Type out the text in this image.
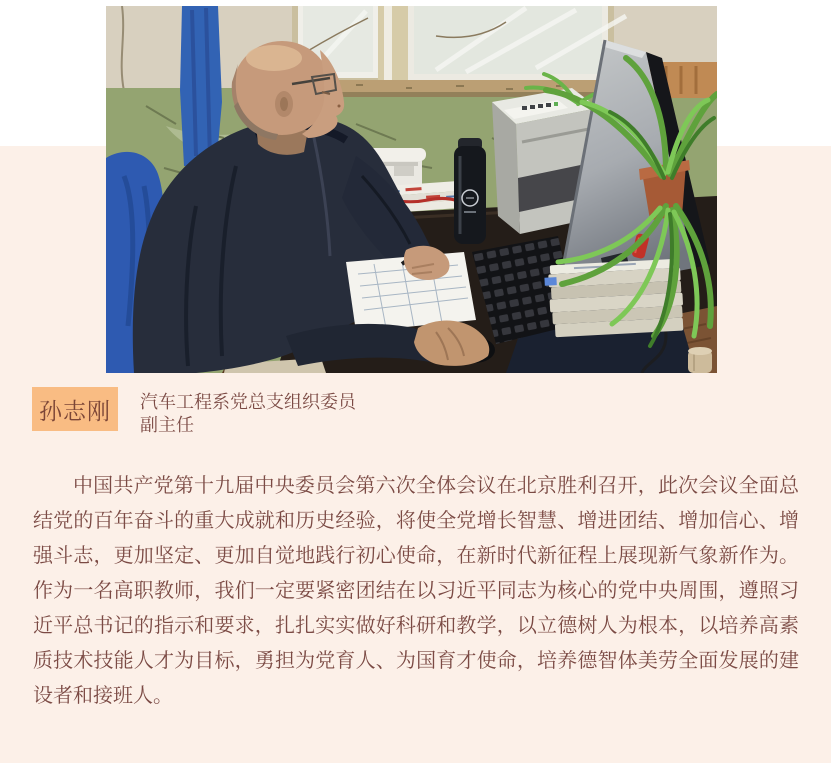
孙志刚 汽车工程系党总支组织委员
副主任

中国共产党第十九届中央委员会第六次全体会议在北京胜利召开，此次会议全面总结党的百年奋斗的重大成就和历史经验，将使全党增长智慧、增进团结、增加信心、增强斗志，更加坚定、更加自觉地践行初心使命，在新时代新征程上展现新气象新作为。作为一名高职教师，我们一定要紧密团结在以习近平同志为核心的党中央周围，遵照习近平总书记的指示和要求，扎扎实实做好科研和教学，以立德树人为根本，以培养高素质技术技能人才为目标，勇担为党育人、为国育才使命，培养德智体美劳全面发展的建设者和接班人。
